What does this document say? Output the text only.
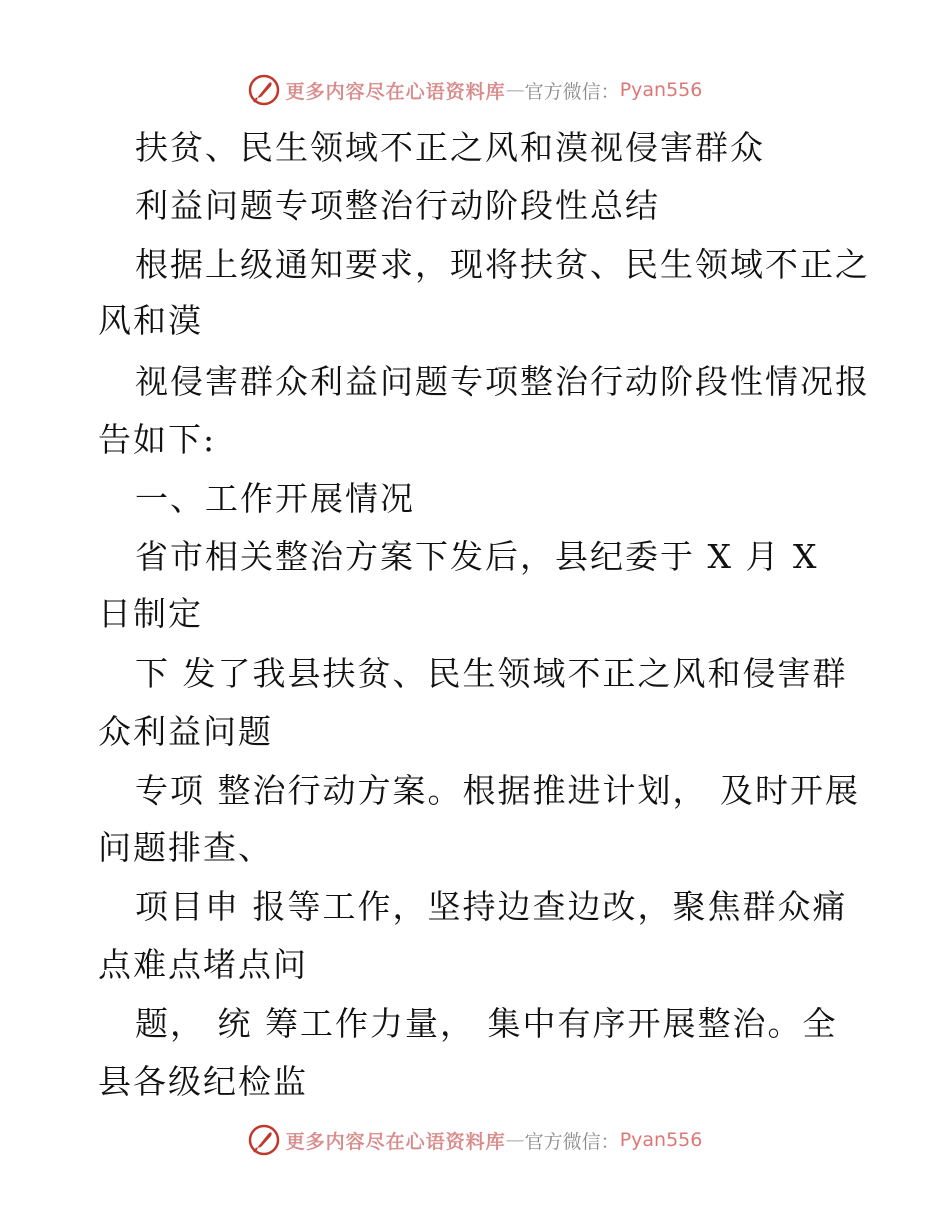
更多内容尽在心语资料库 — 官方微信： Pyan556
扶贫、民生领域不正之风和漠视侵害群众
利益问题专项整治行动阶段性总结
根据上级通知要求，现将扶贫、民生领域不正之
风和漠
视侵害群众利益问题专项整治行动阶段性情况报
告如下:
一、工作开展情况
省市相关整治方案下发后，县纪委于 X 月 X
日制定
下 发了我县扶贫、民生领域不正之风和侵害群
众利益问题
专项 整治行动方案。根据推进计划， 及时开展
问题排查、
项目申 报等工作，坚持边查边改，聚焦群众痛
点难点堵点问
题， 统 筹工作力量， 集中有序开展整治。全
县各级纪检监
更多内容尽在心语资料库 — 官方微信： Pyan556
